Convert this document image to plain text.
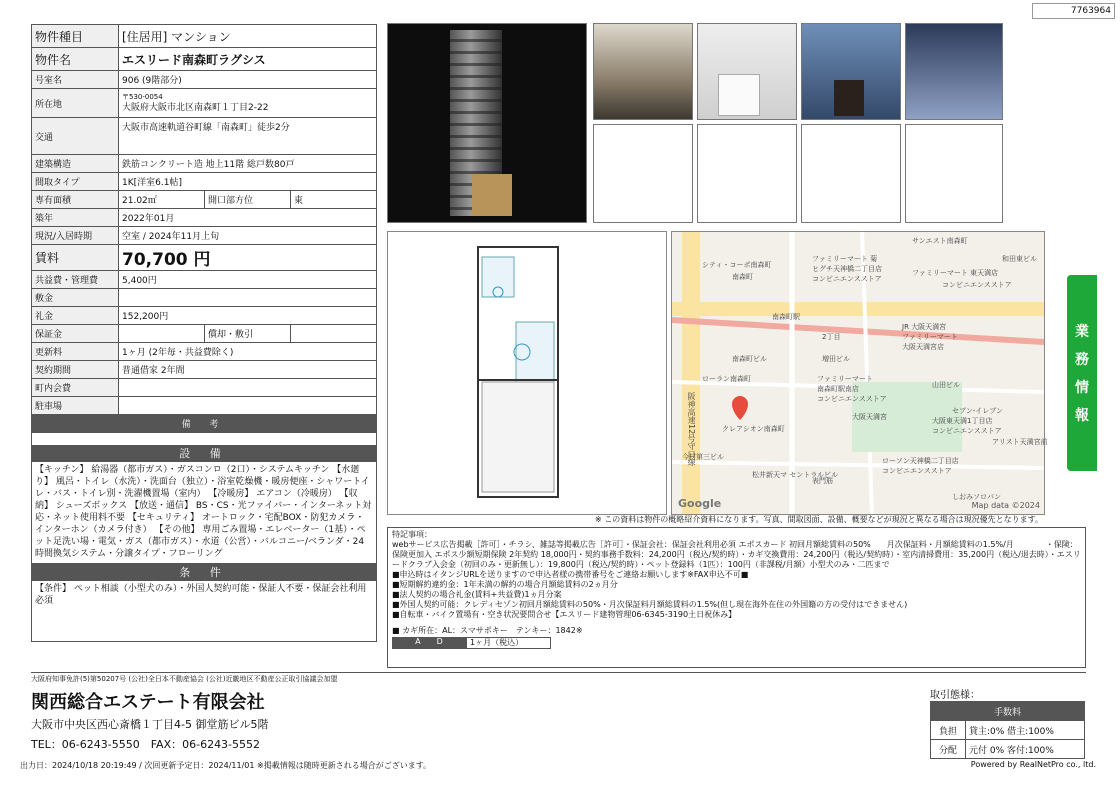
7763964
物件種目	[住居用] マンション		
物件名	エスリード南森町ラグシス		
号室名	906 (9階部分)		
所在地	〒530-0054
大阪府大阪市北区南森町１丁目2-22		

交通	大阪市高速軌道谷町線「南森町」徒歩2分		
建築構造	鉄筋コンクリート造 地上11階 総戸数80戸		
間取タイプ	1K[洋室6.1帖]		
専有面積	21.02㎡	開口部方位	東
築年	2022年01月		
現況/入居時期	空室 / 2024年11月上旬		
賃料	70,700 円		
共益費・管理費	5,400円		
敷金			
礼金	152,200円		
保証金		償却・敷引	
更新料	1ヶ月 (2年毎・共益費除く)		
契約期間	普通借家 2年間		
町内会費			
駐車場			
備 考			

設 備
【キッチン】 給湯器（都市ガス）・ガスコンロ（2口）・システムキッチン 【水廻り】 風呂・トイレ（水洗）・洗面台（独立）・浴室乾燥機・暖房便座・シャワートイレ・バス・トイレ別・洗濯機置場（室内） 【冷暖房】 エアコン（冷暖房） 【収納】 シューズボックス 【放送・通信】 BS・CS・光ファイバー・インターネット対応・ネット使用料不要 【セキュリティ】 オートロック・宅配BOX・防犯カメラ・インターホン（カメラ付き） 【その他】 専用ごみ置場・エレベーター（1基）・ペット足洗い場・電気・ガス（都市ガス）・水道（公営）・バルコニー/ベランダ・24時間換気システム・分譲タイプ・フローリング
条 件
【条件】 ペット相談（小型犬のみ）・外国人契約可能・保証人不要・保証会社利用必須
サンエスト南森町
和田東ビル
シティ・コーポ南森町
南森町
ファミリーマート 菊
ヒグチ天神橋二丁目店
コンビニエンスストア
ファミリーマート 東天満店
コンビニエンスストア
南森町駅
JR 大阪天満宮
ファミリーマート
大阪天満宮店
2丁目
南森町ビル	増田ビル
ローラン南森町	ファミリーマート
南森町駅南店
コンビニエンスストア
山田ビル
セブン-イレブン
大阪東天満1丁目店
コンビニエンスストア
大阪天満宮
クレアシオン南森町
今村第三ビル	ローソン天神橋二丁目店
コンビニエンスストア
松井新天マ セントラルビル
表門筋
しおみソロバン
アリスト天満宮前
阪神高速12号守口線
Map data ©2024
Google
業
務
情
報
※ この資料は物件の概略紹介資料になります。写真、間取図面、設備、概要などが現況と異なる場合は現況優先となります。
特記事項：
webサービス広告掲載［許可］・チラシ、雑誌等掲載広告［許可］・保証会社：保証会社利用必須 エポスカード 初回月額総賃料の50%　　月次保証料・月額総賃料の1.5%/月　　　　・保険：保険更加入 エポス少額短期保険 2年契約 18,000円・契約事務手数料：24,200円（税込/契約時）・カギ交換費用：24,200円（税込/契約時）・室内清掃費用：35,200円（税込/退去時）・エスリードクラブ入会金（初回のみ・更新無し）：19,800円（税込/契約時）・ペット登録料（1匹）：100円（非課税/月額）小型犬のみ・二匹まで
■申込時はイタンジURLを送りますので申込者様の携帯番号をご連絡お願いします※FAX申込不可■
■短期解約違約金：1年未満の解約の場合月額総賃料の2ヵ月分
■法人契約の場合礼金(賃料+共益費)1ヵ月分案
■外国人契約可能：クレディセゾン初回月額総賃料の50%・月次保証料月額総賃料の1.5%(但し現在海外在住の外国籍の方の受付はできません)
■自転車・バイク置場有・空き状況要問合せ【エスリード建物管理06-6345-3190土日祝休み】
■ カギ所在：AL：スマサポキー　テンキー：1842※
A　　D	1ヶ月（税込）
大阪府知事免許(5)第50207号 (公社)全日本不動産協会 (公社)近畿地区不動産公正取引協議会加盟
関西総合エステート有限会社
大阪市中央区西心斎橋１丁目4-5 御堂筋ビル5階
TEL：06-6243-5550　FAX：06-6243-5552
取引態様：
手数料	
負担	貸主:0% 借主:100%
分配	元付 0% 客付:100%
出力日：2024/10/18 20:19:49 / 次回更新予定日：2024/11/01 ※掲載情報は随時更新される場合がございます。	Powered by RealNetPro co., ltd.
